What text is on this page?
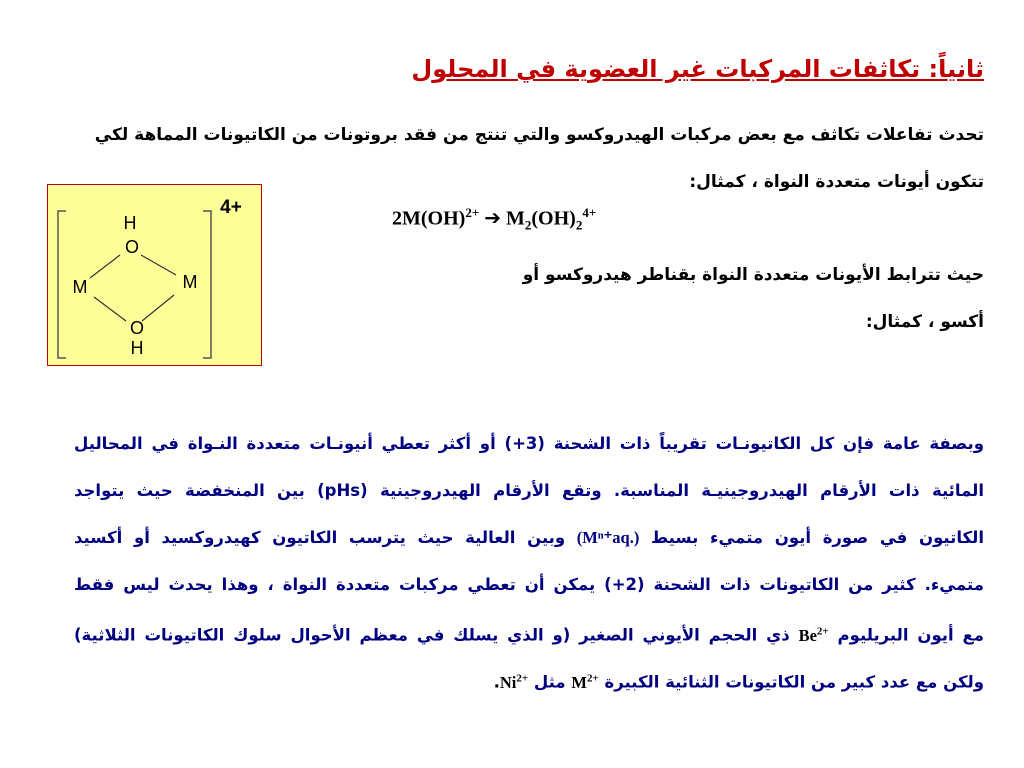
ثانياً: تكاثفات المركبات غير العضوية في المحلول
تحدث تفاعلات تكاثف مع بعض مركبات الهيدروكسو والتي تنتج من فقد بروتونات من الكاتيونات المماهة لكي
تتكون أيونات متعددة النواة ، كمثال:
2M(OH)$^{2+}$ ➔ $M_2(OH)_2^{4+}$
حيث تترابط الأيونات متعددة النواة بقناطر هيدروكسو أو
أكسو ، كمثال:
4+
H
O
M	M
O
H
وبصفة عامة فإن كل الكاتيونـات تقريباً ذات الشحنة (3+) أو أكثر تعطي أنيونـات متعددة النـواة في المحاليل
المائية ذات الأرقام الهيدروجينيـة المناسبة. وتقع الأرقام الهيدروجينية (pHs) بين المنخفضة حيث يتواجد
الكاتيون في صورة أيون متميء بسيط (Mⁿ⁺aq.) وبين العالية حيث يترسب الكاتيون كهيدروكسيد أو أكسيد
متميء. كثير من الكاتيونات ذات الشحنة (2+) يمكن أن تعطي مركبات متعددة النواة ، وهذا يحدث ليس فقط
مع أيون البريليوم $Be^{2+}$ ذي الحجم الأيوني الصغير (و الذي يسلك في معظم الأحوال سلوك الكاتيونات الثلاثية)
ولكن مع عدد كبير من الكاتيونات الثنائية الكبيرة $M^{2+}$ مثل $Ni^{2+}$.
